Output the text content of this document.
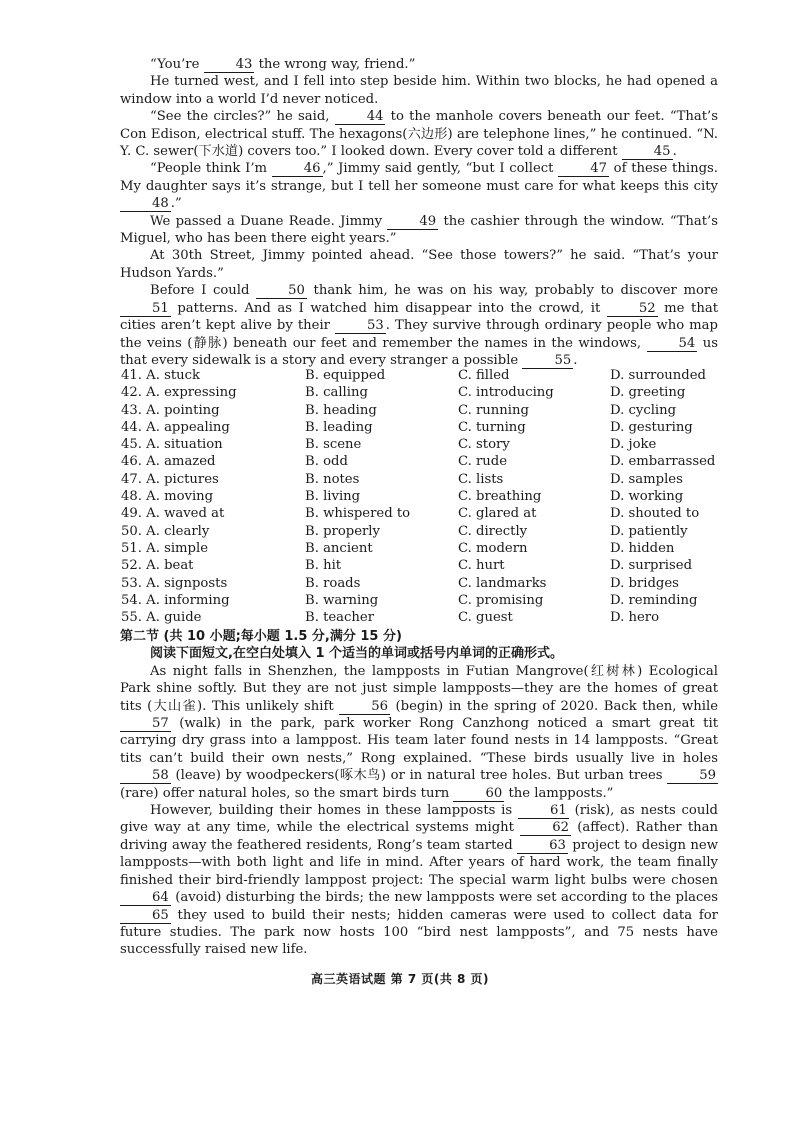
“You’re 43 the wrong way, friend.”

He turned west, and I fell into step beside him. Within two blocks, he had opened a window into a world I’d never noticed.

“See the circles?” he said, 44 to the manhole covers beneath our feet. “That’s Con Edison, electrical stuff. The hexagons(六边形) are telephone lines,” he continued. “N. Y. C. sewer(下水道) covers too.” I looked down. Every cover told a different 45 .

“People think I’m 46 ,” Jimmy said gently, “but I collect 47 of these things. My daughter says it’s strange, but I tell her someone must care for what keeps this city 48 .”

We passed a Duane Reade. Jimmy 49 the cashier through the window. “That’s Miguel, who has been there eight years.”

At 30th Street, Jimmy pointed ahead. “See those towers?” he said. “That’s your Hudson Yards.”

Before I could 50 thank him, he was on his way, probably to discover more 51 patterns. And as I watched him disappear into the crowd, it 52 me that cities aren’t kept alive by their 53 . They survive through ordinary people who map the veins (静脉) beneath our feet and remember the names in the windows, 54 us that every sidewalk is a story and every stranger a possible 55 .

41. A. stuck	B. equipped	C. filled	D. surrounded
42. A. expressing	B. calling	C. introducing	D. greeting
43. A. pointing	B. heading	C. running	D. cycling
44. A. appealing	B. leading	C. turning	D. gesturing
45. A. situation	B. scene	C. story	D. joke
46. A. amazed	B. odd	C. rude	D. embarrassed
47. A. pictures	B. notes	C. lists	D. samples
48. A. moving	B. living	C. breathing	D. working
49. A. waved at	B. whispered to	C. glared at	D. shouted to
50. A. clearly	B. properly	C. directly	D. patiently
51. A. simple	B. ancient	C. modern	D. hidden
52. A. beat	B. hit	C. hurt	D. surprised
53. A. signposts	B. roads	C. landmarks	D. bridges
54. A. informing	B. warning	C. promising	D. reminding
55. A. guide	B. teacher	C. guest	D. hero

第二节 (共 10 小题;每小题 1.5 分,满分 15 分)

阅读下面短文,在空白处填入 1 个适当的单词或括号内单词的正确形式。

As night falls in Shenzhen, the lampposts in Futian Mangrove(红树林) Ecological Park shine softly. But they are not just simple lampposts—they are the homes of great tits (大山雀). This unlikely shift 56 (begin) in the spring of 2020. Back then, while 57 (walk) in the park, park worker Rong Canzhong noticed a smart great tit carrying dry grass into a lamppost. His team later found nests in 14 lampposts. “Great tits can’t build their own nests,” Rong explained. “These birds usually live in holes 58 (leave) by woodpeckers(啄木鸟) or in natural tree holes. But urban trees 59 (rare) offer natural holes, so the smart birds turn 60 the lampposts.”

However, building their homes in these lampposts is 61 (risk), as nests could give way at any time, while the electrical systems might 62 (affect). Rather than driving away the feathered residents, Rong’s team started 63 project to design new lampposts—with both light and life in mind. After years of hard work, the team finally finished their bird-friendly lamppost project: The special warm light bulbs were chosen 64 (avoid) disturbing the birds; the new lampposts were set according to the places 65 they used to build their nests; hidden cameras were used to collect data for future studies. The park now hosts 100 “bird nest lampposts”, and 75 nests have successfully raised new life.

高三英语试题 第 7 页(共 8 页)
